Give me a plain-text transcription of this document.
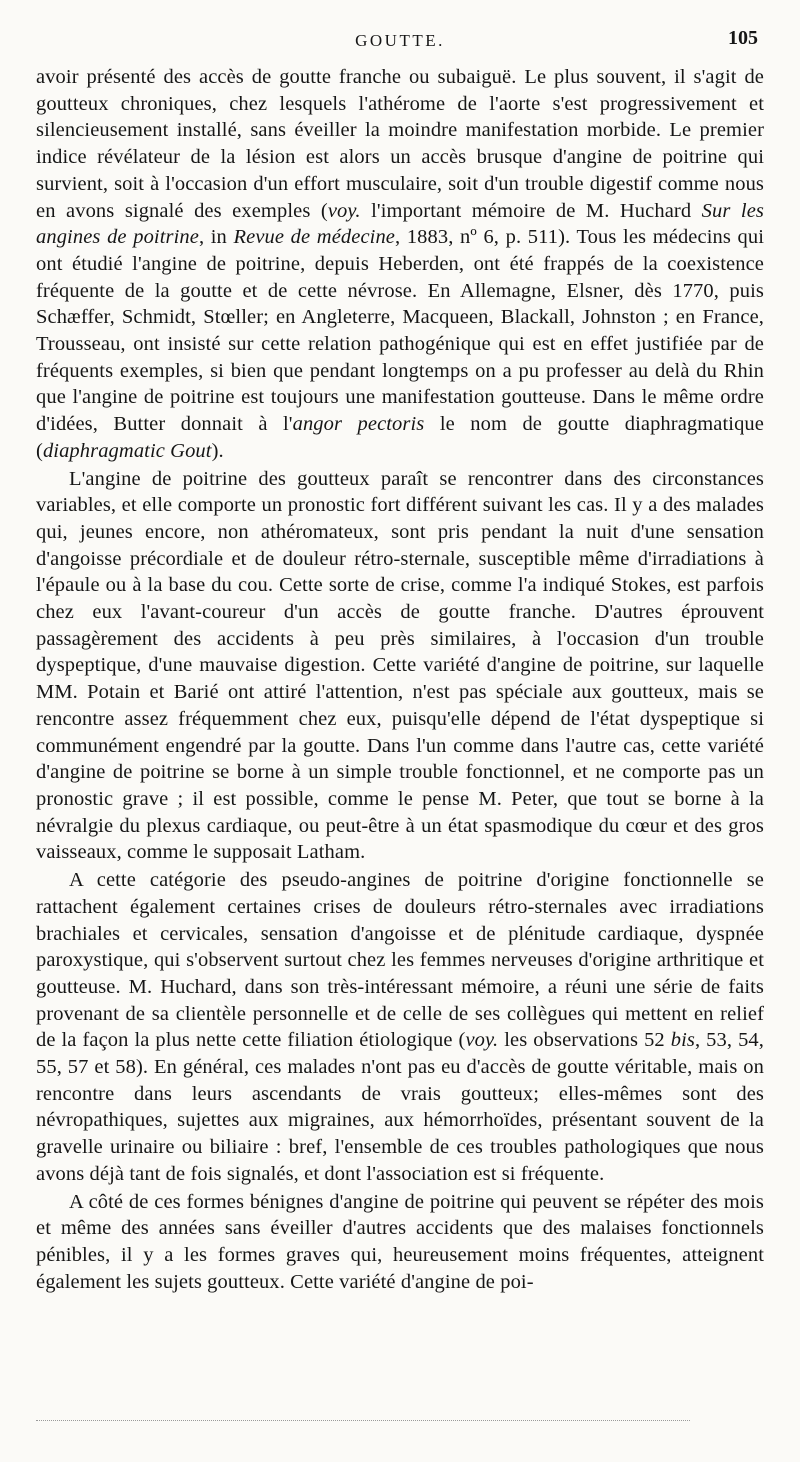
GOUTTE.	105

avoir présenté des accès de goutte franche ou subaiguë. Le plus souvent, il s'agit de goutteux chroniques, chez lesquels l'athérome de l'aorte s'est progressivement et silencieusement installé, sans éveiller la moindre manifestation morbide. Le premier indice révélateur de la lésion est alors un accès brusque d'angine de poitrine qui survient, soit à l'occasion d'un effort musculaire, soit d'un trouble digestif comme nous en avons signalé des exemples (voy. l'important mémoire de M. Huchard Sur les angines de poitrine, in Revue de médecine, 1883, nº 6, p. 511). Tous les médecins qui ont étudié l'angine de poitrine, depuis Heberden, ont été frappés de la coexistence fréquente de la goutte et de cette névrose. En Allemagne, Elsner, dès 1770, puis Schæffer, Schmidt, Stœller; en Angleterre, Macqueen, Blackall, Johnston ; en France, Trousseau, ont insisté sur cette relation pathogénique qui est en effet justifiée par de fréquents exemples, si bien que pendant longtemps on a pu professer au delà du Rhin que l'angine de poitrine est toujours une manifestation goutteuse. Dans le même ordre d'idées, Butter donnait à l'angor pectoris le nom de goutte diaphragmatique (diaphragmatic Gout).

L'angine de poitrine des goutteux paraît se rencontrer dans des circonstances variables, et elle comporte un pronostic fort différent suivant les cas. Il y a des malades qui, jeunes encore, non athéromateux, sont pris pendant la nuit d'une sensation d'angoisse précordiale et de douleur rétro-sternale, susceptible même d'irradiations à l'épaule ou à la base du cou. Cette sorte de crise, comme l'a indiqué Stokes, est parfois chez eux l'avant-coureur d'un accès de goutte franche. D'autres éprouvent passagèrement des accidents à peu près similaires, à l'occasion d'un trouble dyspeptique, d'une mauvaise digestion. Cette variété d'angine de poitrine, sur laquelle MM. Potain et Barié ont attiré l'attention, n'est pas spéciale aux goutteux, mais se rencontre assez fréquemment chez eux, puisqu'elle dépend de l'état dyspeptique si communément engendré par la goutte. Dans l'un comme dans l'autre cas, cette variété d'angine de poitrine se borne à un simple trouble fonctionnel, et ne comporte pas un pronostic grave ; il est possible, comme le pense M. Peter, que tout se borne à la névralgie du plexus cardiaque, ou peut-être à un état spasmodique du cœur et des gros vaisseaux, comme le supposait Latham.

A cette catégorie des pseudo-angines de poitrine d'origine fonctionnelle se rattachent également certaines crises de douleurs rétro-sternales avec irradiations brachiales et cervicales, sensation d'angoisse et de plénitude cardiaque, dyspnée paroxystique, qui s'observent surtout chez les femmes nerveuses d'origine arthritique et goutteuse. M. Huchard, dans son très-intéressant mémoire, a réuni une série de faits provenant de sa clientèle personnelle et de celle de ses collègues qui mettent en relief de la façon la plus nette cette filiation étiologique (voy. les observations 52 bis, 53, 54, 55, 57 et 58). En général, ces malades n'ont pas eu d'accès de goutte véritable, mais on rencontre dans leurs ascendants de vrais goutteux; elles-mêmes sont des névropathiques, sujettes aux migraines, aux hémorrhoïdes, présentant souvent de la gravelle urinaire ou biliaire : bref, l'ensemble de ces troubles pathologiques que nous avons déjà tant de fois signalés, et dont l'association est si fréquente.

A côté de ces formes bénignes d'angine de poitrine qui peuvent se répéter des mois et même des années sans éveiller d'autres accidents que des malaises fonctionnels pénibles, il y a les formes graves qui, heureusement moins fréquentes, atteignent également les sujets goutteux. Cette variété d'angine de poi-
